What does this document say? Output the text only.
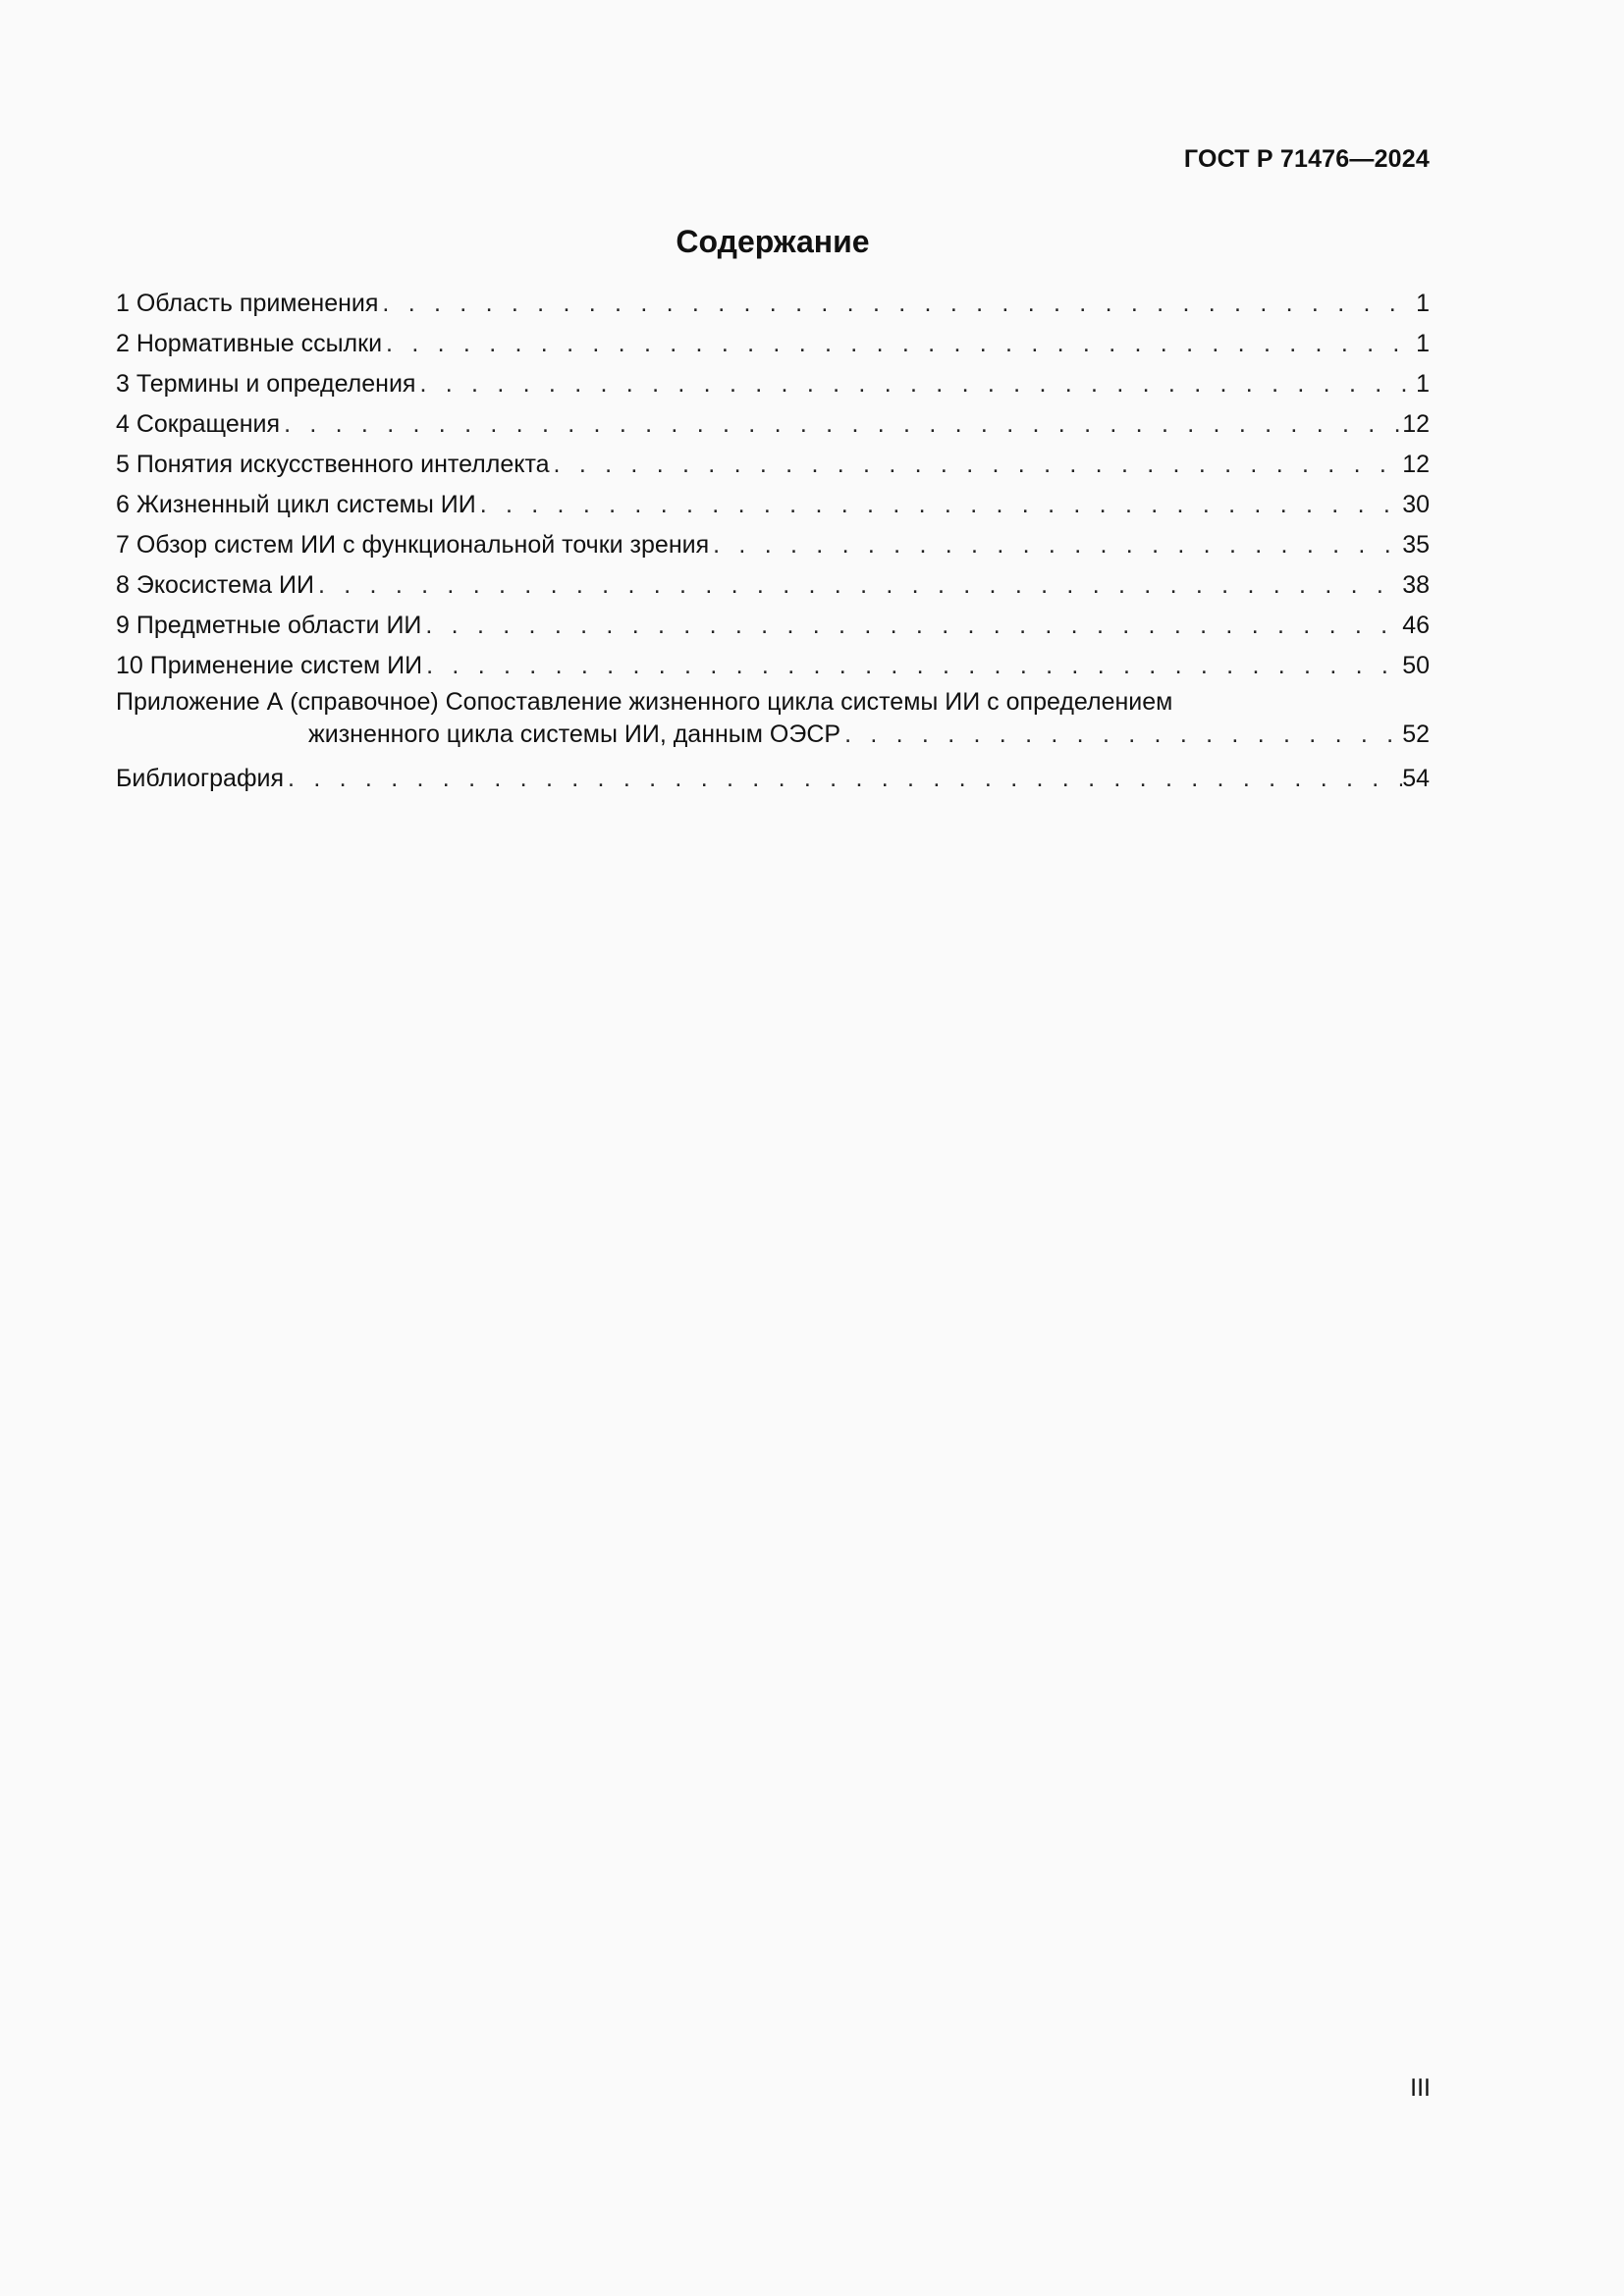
ГОСТ Р 71476—2024
Содержание
1 Область применения . . .	1
2 Нормативные ссылки . . .	1
3 Термины и определения . . .	1
4 Сокращения . . .	12
5 Понятия искусственного интеллекта . . .	12
6 Жизненный цикл системы ИИ . . .	30
7 Обзор систем ИИ с функциональной точки зрения . . .	35
8 Экосистема ИИ . . .	38
9 Предметные области ИИ . . .	46
10 Применение систем ИИ . . .	50
Приложение А (справочное) Сопоставление жизненного цикла системы ИИ с определением
жизненного цикла системы ИИ, данным ОЭСР . . .	52
Библиография . . .	54
III
